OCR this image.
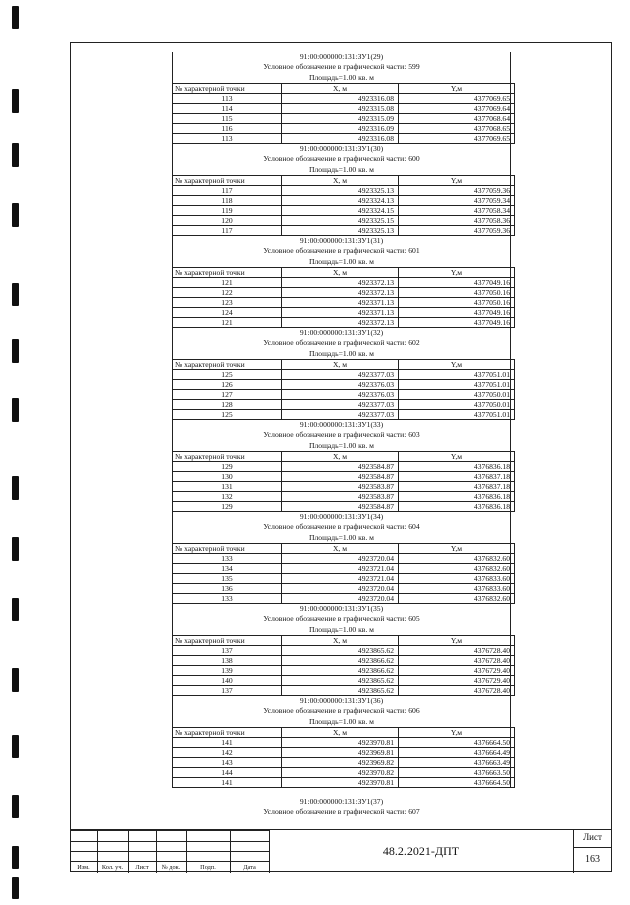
91:00:000000:131:ЗУ1(29)
Условное обозначение в графической части: 599
Площадь=1.00 кв. м
№ характерной точки	X, м	Y,м
113	4923316.08	4377069.65
114	4923315.08	4377069.64
115	4923315.09	4377068.64
116	4923316.09	4377068.65
113	4923316.08	4377069.65
91:00:000000:131:ЗУ1(30)
Условное обозначение в графической части: 600
Площадь=1.00 кв. м
№ характерной точки	X, м	Y,м
117	4923325.13	4377059.36
118	4923324.13	4377059.34
119	4923324.15	4377058.34
120	4923325.15	4377058.36
117	4923325.13	4377059.36
91:00:000000:131:ЗУ1(31)
Условное обозначение в графической части: 601
Площадь=1.00 кв. м
№ характерной точки	X, м	Y,м
121	4923372.13	4377049.16
122	4923372.13	4377050.16
123	4923371.13	4377050.16
124	4923371.13	4377049.16
121	4923372.13	4377049.16
91:00:000000:131:ЗУ1(32)
Условное обозначение в графической части: 602
Площадь=1.00 кв. м
№ характерной точки	X, м	Y,м
125	4923377.03	4377051.01
126	4923376.03	4377051.01
127	4923376.03	4377050.01
128	4923377.03	4377050.01
125	4923377.03	4377051.01
91:00:000000:131:ЗУ1(33)
Условное обозначение в графической части: 603
Площадь=1.00 кв. м
№ характерной точки	X, м	Y,м
129	4923584.87	4376836.18
130	4923584.87	4376837.18
131	4923583.87	4376837.18
132	4923583.87	4376836.18
129	4923584.87	4376836.18
91:00:000000:131:ЗУ1(34)
Условное обозначение в графической части: 604
Площадь=1.00 кв. м
№ характерной точки	X, м	Y,м
133	4923720.04	4376832.60
134	4923721.04	4376832.60
135	4923721.04	4376833.60
136	4923720.04	4376833.60
133	4923720.04	4376832.60
91:00:000000:131:ЗУ1(35)
Условное обозначение в графической части: 605
Площадь=1.00 кв. м
№ характерной точки	X, м	Y,м
137	4923865.62	4376728.40
138	4923866.62	4376728.40
139	4923866.62	4376729.40
140	4923865.62	4376729.40
137	4923865.62	4376728.40
91:00:000000:131:ЗУ1(36)
Условное обозначение в графической части: 606
Площадь=1.00 кв. м
№ характерной точки	X, м	Y,м
141	4923970.81	4376664.50
142	4923969.81	4376664.49
143	4923969.82	4376663.49
144	4923970.82	4376663.50
141	4923970.81	4376664.50
91:00:000000:131:ЗУ1(37)
Условное обозначение в графической части: 607
Изм.	Кол. уч.	Лист	№ док.	Подп.	Дата
48.2.2021-ДПТ
Лист
163
